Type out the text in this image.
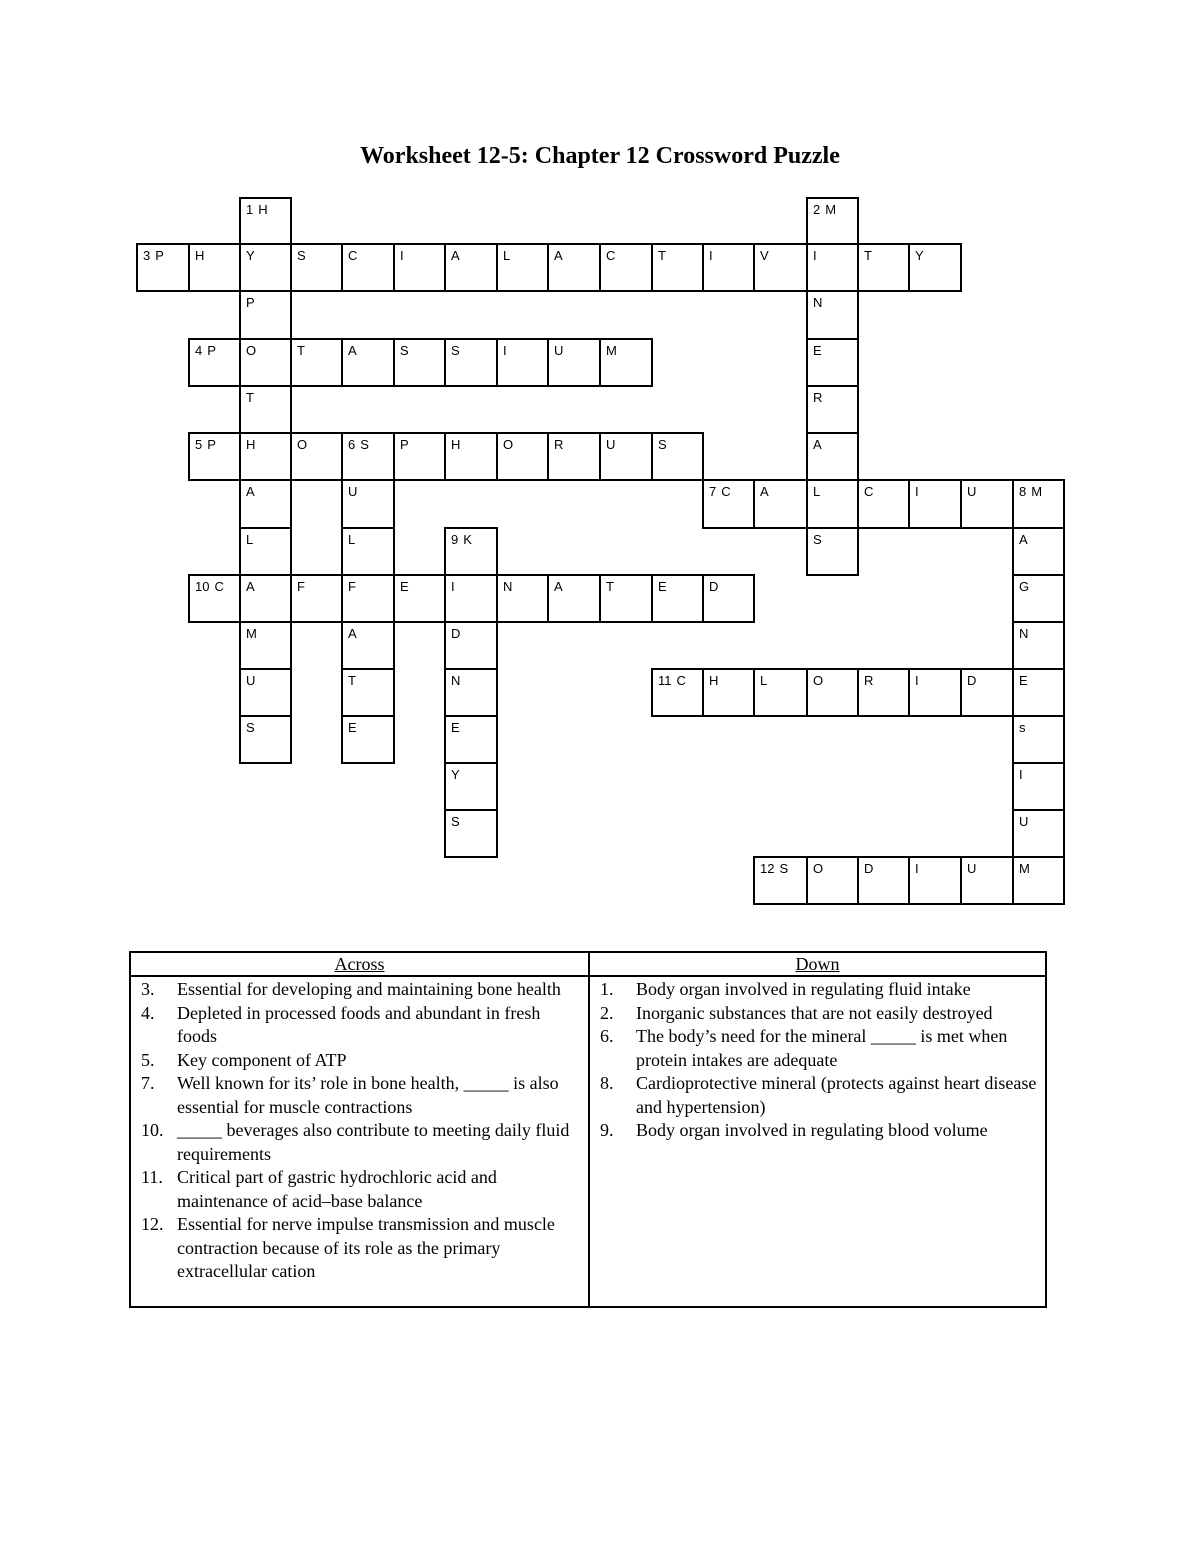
Worksheet 12-5: Chapter 12 Crossword Puzzle
1 H	2 M
3 P	H	Y	S	C	I	A	L	A	C	T	I	V	I	T	Y
P	N
4 P	O	T	A	S	S	I	U	M	E
T	R
5 P	H	O	6 S	P	H	O	R	U	S	A
A	U	7 C	A	L	C	I	U	8 M
L	L	9 K	S	A
10 C	A	F	F	E	I	N	A	T	E	D	G
M	A	D	N
U	T	N	11 C	H	L	O	R	I	D	E
S	E	E	s
Y	I
S	U
12 S	O	D	I	U	M
Across
3.	Essential for developing and maintaining bone health
4.	Depleted in processed foods and abundant in fresh foods
5.	Key component of ATP
7.	Well known for its’ role in bone health, _____ is also essential for muscle contractions
10. _____ beverages also contribute to meeting daily fluid requirements
11. Critical part of gastric hydrochloric acid and maintenance of acid–base balance
12. Essential for nerve impulse transmission and muscle contraction because of its role as the primary extracellular cation
Down
1.	Body organ involved in regulating fluid intake
2.	Inorganic substances that are not easily destroyed
6.	The body’s need for the mineral _____ is met when protein intakes are adequate
8.	Cardioprotective mineral (protects against heart disease and hypertension)
9.	Body organ involved in regulating blood volume
